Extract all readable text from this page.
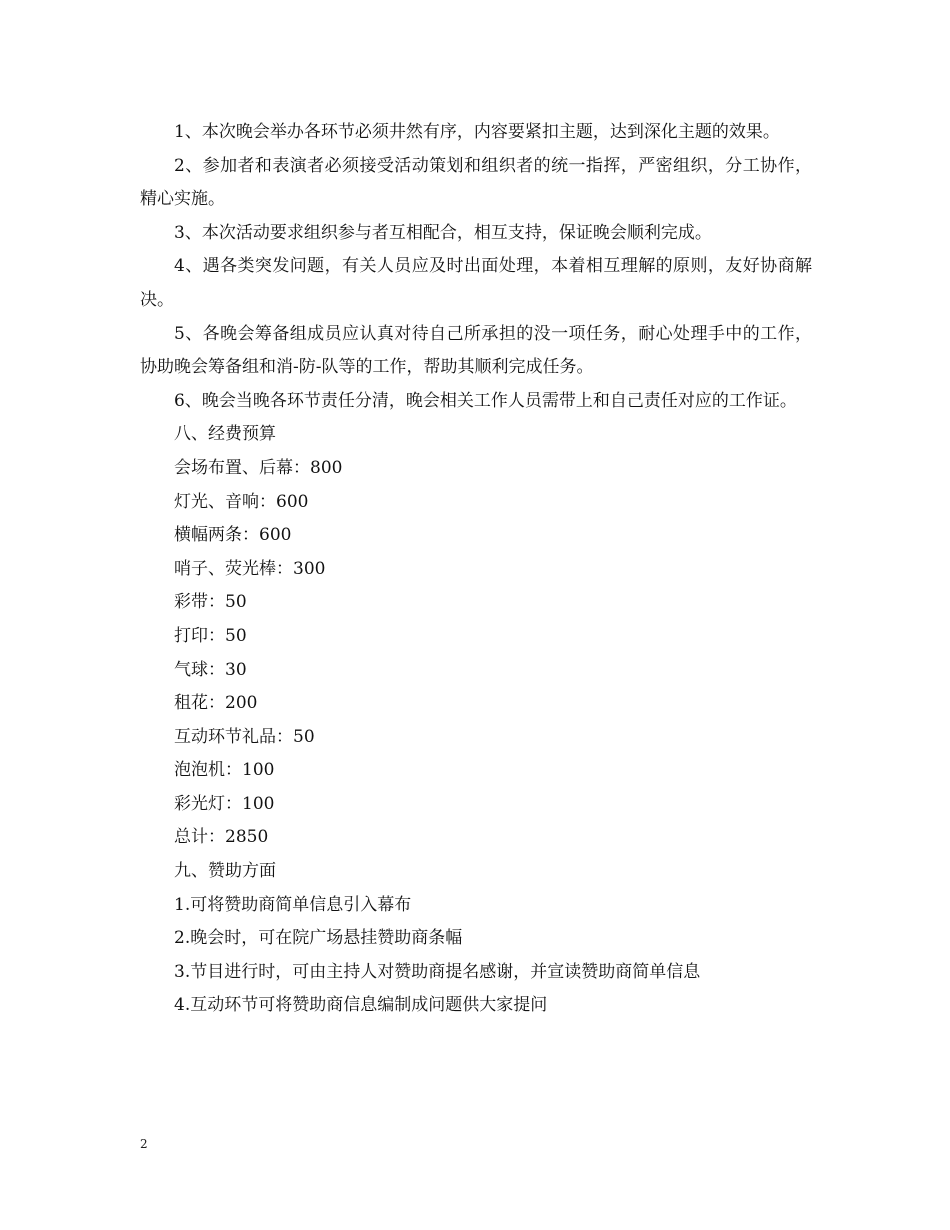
1、本次晚会举办各环节必须井然有序，内容要紧扣主题，达到深化主题的效果。

2、参加者和表演者必须接受活动策划和组织者的统一指挥，严密组织，分工协作，精心实施。

3、本次活动要求组织参与者互相配合，相互支持，保证晚会顺利完成。

4、遇各类突发问题，有关人员应及时出面处理，本着相互理解的原则，友好协商解决。

5、各晚会筹备组成员应认真对待自己所承担的没一项任务，耐心处理手中的工作，协助晚会筹备组和消-防-队等的工作，帮助其顺利完成任务。

6、晚会当晚各环节责任分清，晚会相关工作人员需带上和自己责任对应的工作证。

八、经费预算

会场布置、后幕：800

灯光、音响：600

横幅两条：600

哨子、荧光棒：300

彩带：50

打印：50

气球：30

租花：200

互动环节礼品：50

泡泡机：100

彩光灯：100

总计：2850

九、赞助方面

1.可将赞助商简单信息引入幕布

2.晚会时，可在院广场悬挂赞助商条幅

3.节目进行时，可由主持人对赞助商提名感谢，并宣读赞助商简单信息

4.互动环节可将赞助商信息编制成问题供大家提问

2
